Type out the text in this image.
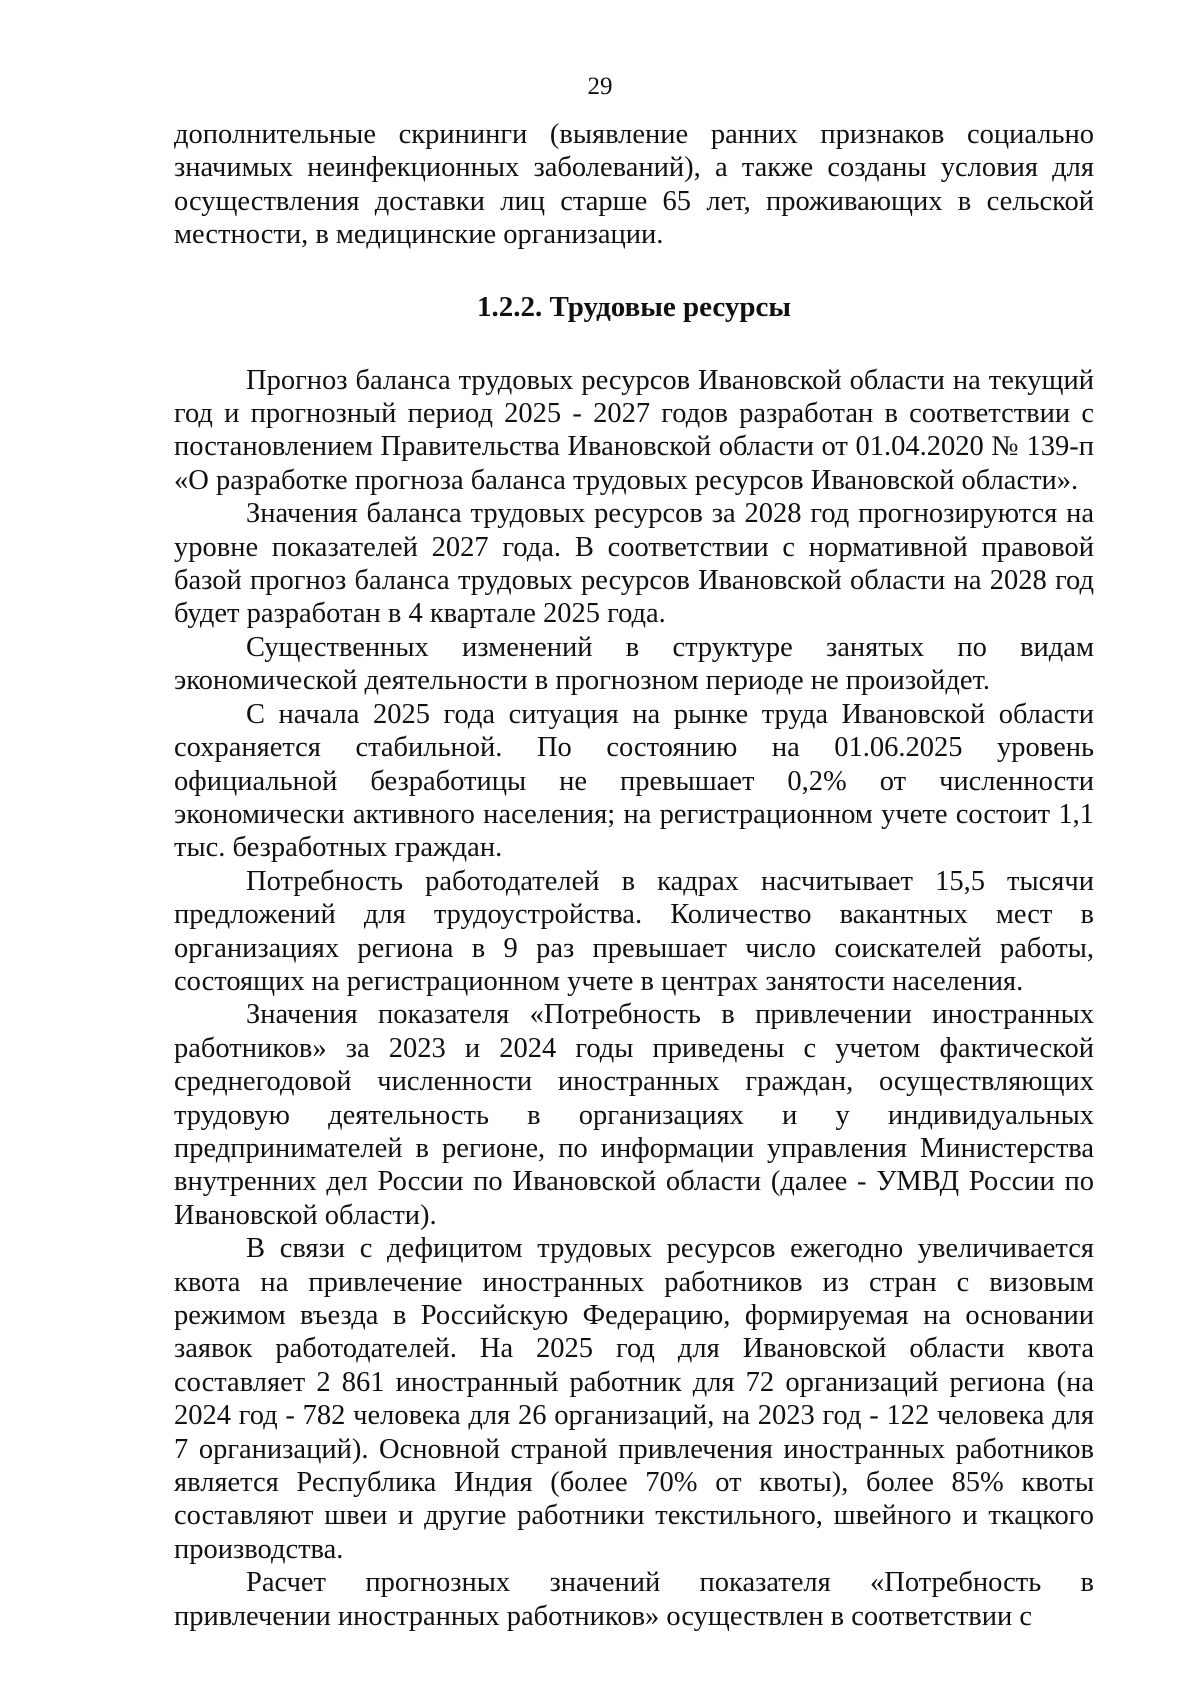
29

дополнительные скрининги (выявление ранних признаков социально значимых неинфекционных заболеваний), а также созданы условия для осуществления доставки лиц старше 65 лет, проживающих в сельской местности, в медицинские организации.

1.2.2. Трудовые ресурсы

Прогноз баланса трудовых ресурсов Ивановской области на текущий год и прогнозный период 2025 - 2027 годов разработан в соответствии с постановлением Правительства Ивановской области от 01.04.2020 № 139-п «О разработке прогноза баланса трудовых ресурсов Ивановской области».

Значения баланса трудовых ресурсов за 2028 год прогнозируются на уровне показателей 2027 года. В соответствии с нормативной правовой базой прогноз баланса трудовых ресурсов Ивановской области на 2028 год будет разработан в 4 квартале 2025 года.

Существенных изменений в структуре занятых по видам экономической деятельности в прогнозном периоде не произойдет.

С начала 2025 года ситуация на рынке труда Ивановской области сохраняется стабильной. По состоянию на 01.06.2025 уровень официальной безработицы не превышает 0,2% от численности экономически активного населения; на регистрационном учете состоит 1,1 тыс. безработных граждан.

Потребность работодателей в кадрах насчитывает 15,5 тысячи предложений для трудоустройства. Количество вакантных мест в организациях региона в 9 раз превышает число соискателей работы, состоящих на регистрационном учете в центрах занятости населения.

Значения показателя «Потребность в привлечении иностранных работников» за 2023 и 2024 годы приведены с учетом фактической среднегодовой численности иностранных граждан, осуществляющих трудовую деятельность в организациях и у индивидуальных предпринимателей в регионе, по информации управления Министерства внутренних дел России по Ивановской области (далее - УМВД России по Ивановской области).

В связи с дефицитом трудовых ресурсов ежегодно увеличивается квота на привлечение иностранных работников из стран с визовым режимом въезда в Российскую Федерацию, формируемая на основании заявок работодателей. На 2025 год для Ивановской области квота составляет 2 861 иностранный работник для 72 организаций региона (на 2024 год - 782 человека для 26 организаций, на 2023 год - 122 человека для 7 организаций). Основной страной привлечения иностранных работников является Республика Индия (более 70% от квоты), более 85% квоты составляют швеи и другие работники текстильного, швейного и ткацкого производства.

Расчет прогнозных значений показателя «Потребность в привлечении иностранных работников» осуществлен в соответствии с
